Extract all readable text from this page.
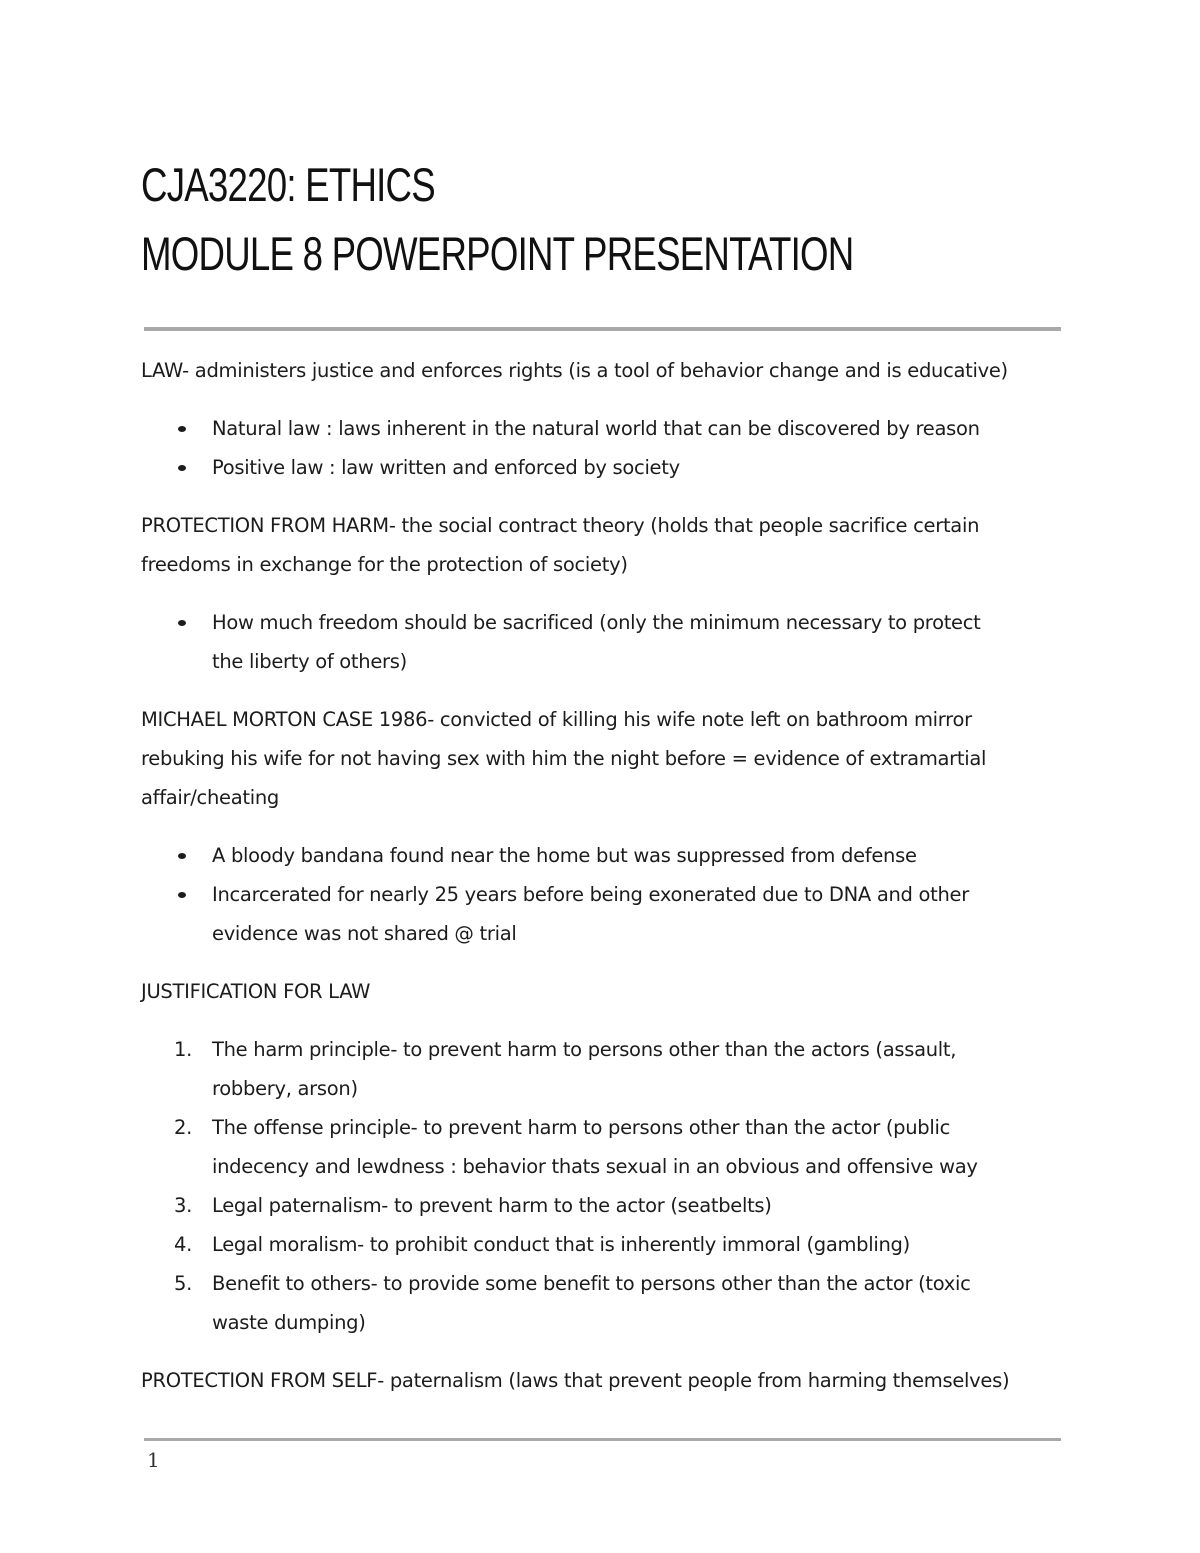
CJA3220: ETHICS
MODULE 8 POWERPOINT PRESENTATION

LAW- administers justice and enforces rights (is a tool of behavior change and is educative)

Natural law : laws inherent in the natural world that can be discovered by reason
Positive law : law written and enforced by society

PROTECTION FROM HARM- the social contract theory (holds that people sacrifice certain
freedoms in exchange for the protection of society)

How much freedom should be sacrificed (only the minimum necessary to protect
the liberty of others)

MICHAEL MORTON CASE 1986- convicted of killing his wife note left on bathroom mirror
rebuking his wife for not having sex with him the night before = evidence of extramartial
affair/cheating

A bloody bandana found near the home but was suppressed from defense
Incarcerated for nearly 25 years before being exonerated due to DNA and other
evidence was not shared @ trial

JUSTIFICATION FOR LAW

1. The harm principle- to prevent harm to persons other than the actors (assault,
robbery, arson)
2. The offense principle- to prevent harm to persons other than the actor (public
indecency and lewdness : behavior thats sexual in an obvious and offensive way
3. Legal paternalism- to prevent harm to the actor (seatbelts)
4. Legal moralism- to prohibit conduct that is inherently immoral (gambling)
5. Benefit to others- to provide some benefit to persons other than the actor (toxic
waste dumping)

PROTECTION FROM SELF- paternalism (laws that prevent people from harming themselves)

1
